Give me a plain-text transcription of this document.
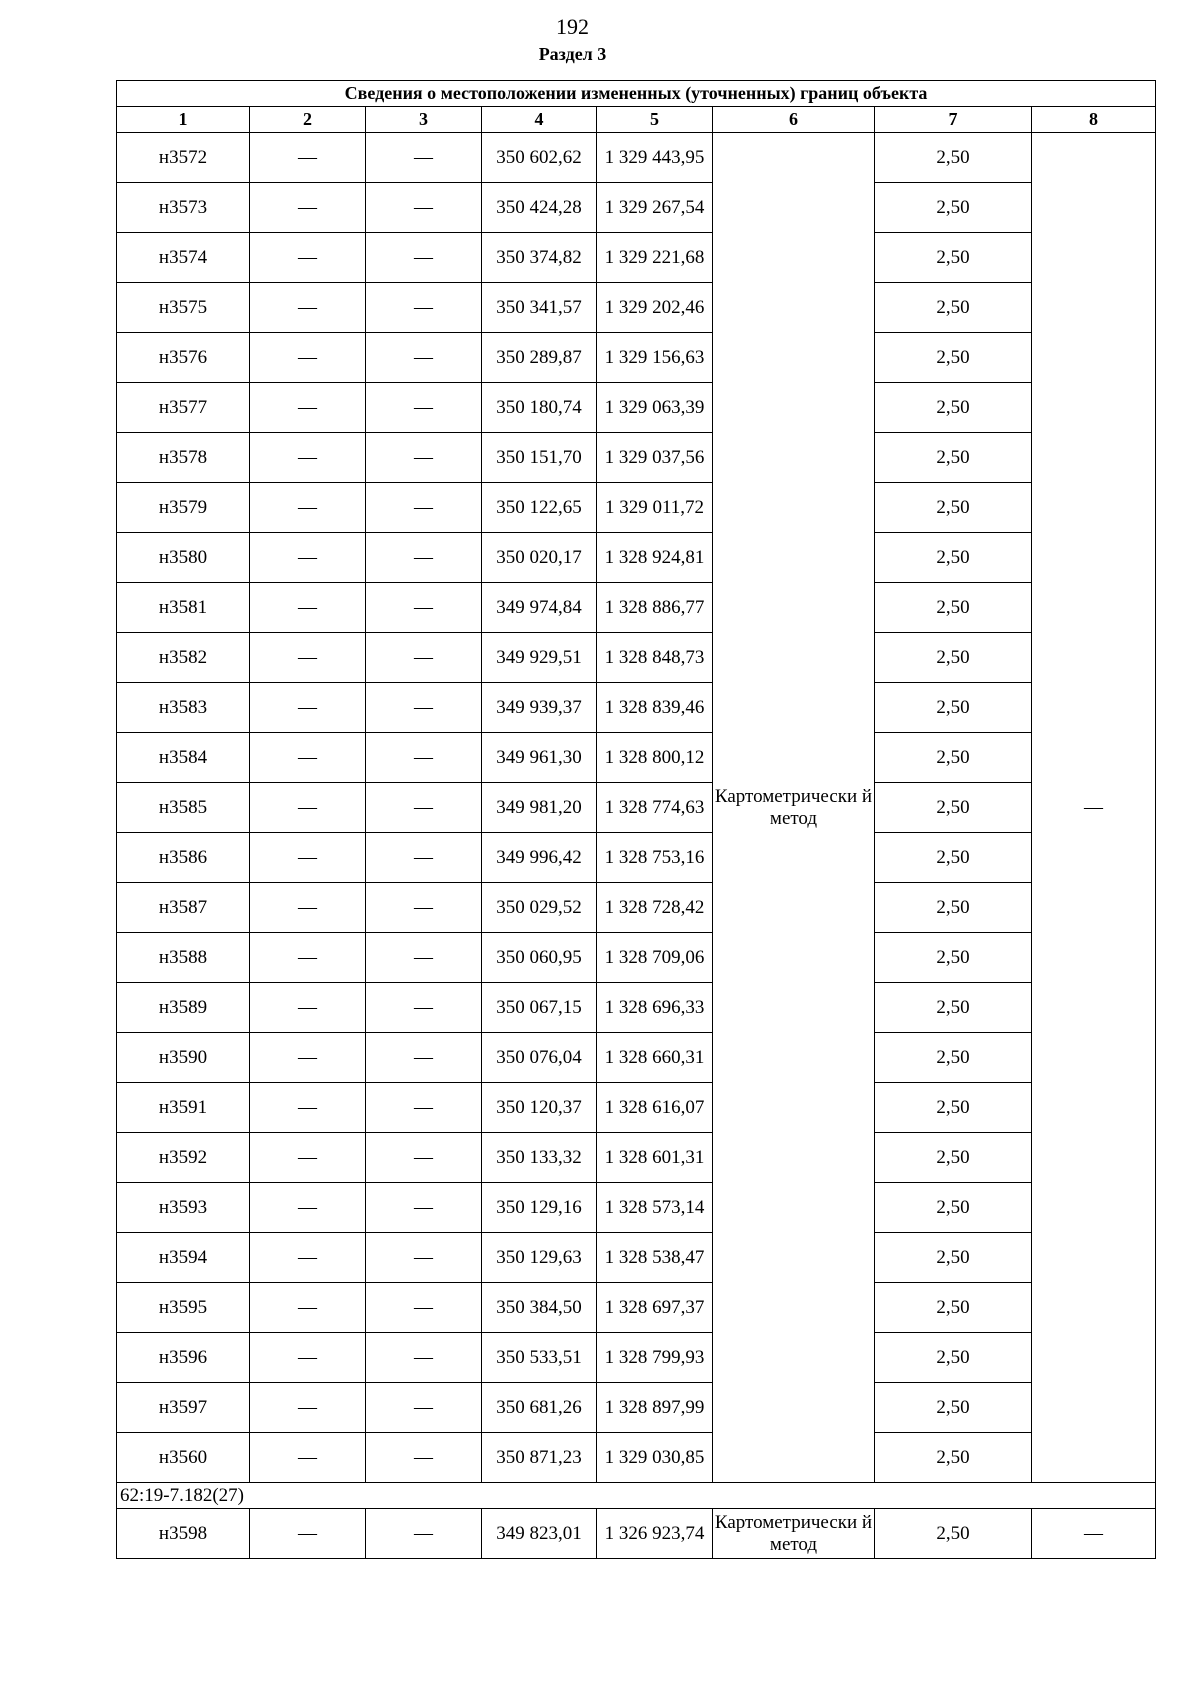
192
Раздел 3
Сведения о местоположении измененных (уточненных) границ объекта							
1	2	3	4	5	6	7	8
н3572	—	—	350 602,62	1 329 443,95	Картометрически й метод	2,50	—
н3573	—	—	350 424,28	1 329 267,54		2,50	
н3574	—	—	350 374,82	1 329 221,68		2,50	
н3575	—	—	350 341,57	1 329 202,46		2,50	
н3576	—	—	350 289,87	1 329 156,63		2,50	
н3577	—	—	350 180,74	1 329 063,39		2,50	
н3578	—	—	350 151,70	1 329 037,56		2,50	
н3579	—	—	350 122,65	1 329 011,72		2,50	
н3580	—	—	350 020,17	1 328 924,81		2,50	
н3581	—	—	349 974,84	1 328 886,77		2,50	
н3582	—	—	349 929,51	1 328 848,73		2,50	
н3583	—	—	349 939,37	1 328 839,46		2,50	
н3584	—	—	349 961,30	1 328 800,12		2,50	
н3585	—	—	349 981,20	1 328 774,63		2,50	
н3586	—	—	349 996,42	1 328 753,16		2,50	
н3587	—	—	350 029,52	1 328 728,42		2,50	
н3588	—	—	350 060,95	1 328 709,06		2,50	
н3589	—	—	350 067,15	1 328 696,33		2,50	
н3590	—	—	350 076,04	1 328 660,31		2,50	
н3591	—	—	350 120,37	1 328 616,07		2,50	
н3592	—	—	350 133,32	1 328 601,31		2,50	
н3593	—	—	350 129,16	1 328 573,14		2,50	
н3594	—	—	350 129,63	1 328 538,47		2,50	
н3595	—	—	350 384,50	1 328 697,37		2,50	
н3596	—	—	350 533,51	1 328 799,93		2,50	
н3597	—	—	350 681,26	1 328 897,99		2,50	
н3560	—	—	350 871,23	1 329 030,85		2,50	
62:19-7.182(27)							
н3598	—	—	349 823,01	1 326 923,74	Картометрически й метод	2,50	—
